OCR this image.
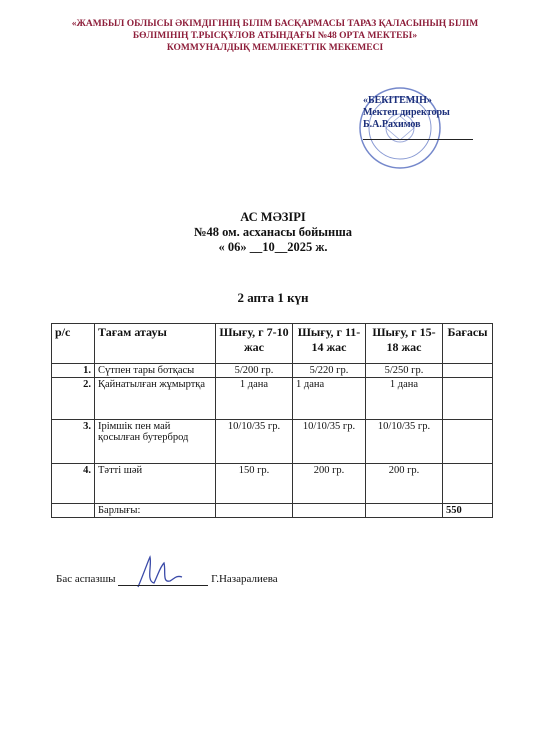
«ЖАМБЫЛ ОБЛЫСЫ ӘКІМДІГІНІҢ БІЛІМ БАСҚАРМАСЫ ТАРАЗ ҚАЛАСЫНЫҢ БІЛІМ
БӨЛІМІНІҢ Т.РЫСҚҰЛОВ АТЫНДАҒЫ №48 ОРТА МЕКТЕБІ»
КОММУНАЛДЫҚ МЕМЛЕКЕТТІК МЕКЕМЕСІ
«БЕКІТЕМІН»
Мектеп директоры
Б.А.Рахимов
АС МӘЗІРІ
№48 ом. асханасы бойынша
« 06» __10__2025 ж.
2 апта 1 күн
р/с	Тағам атауы	Шығу, г 7-10 жас	Шығу, г 11-14 жас	Шығу, г 15-18 жас	Бағасы
1.	Сүтпен тары ботқасы	5/200 гр.	5/220 гр.	5/250 гр.	
2.	Қайнатылған жұмыртқа	1 дана	1 дана	1 дана	
3.	Ірімшік пен май қосылған бутерброд	10/10/35 гр.	10/10/35 гр.	10/10/35 гр.	
4.	Тәтті шәй	150 гр.	200 гр.	200 гр.	
	Барлығы:				550
Бас аспазшы	Г.Назаралиева
